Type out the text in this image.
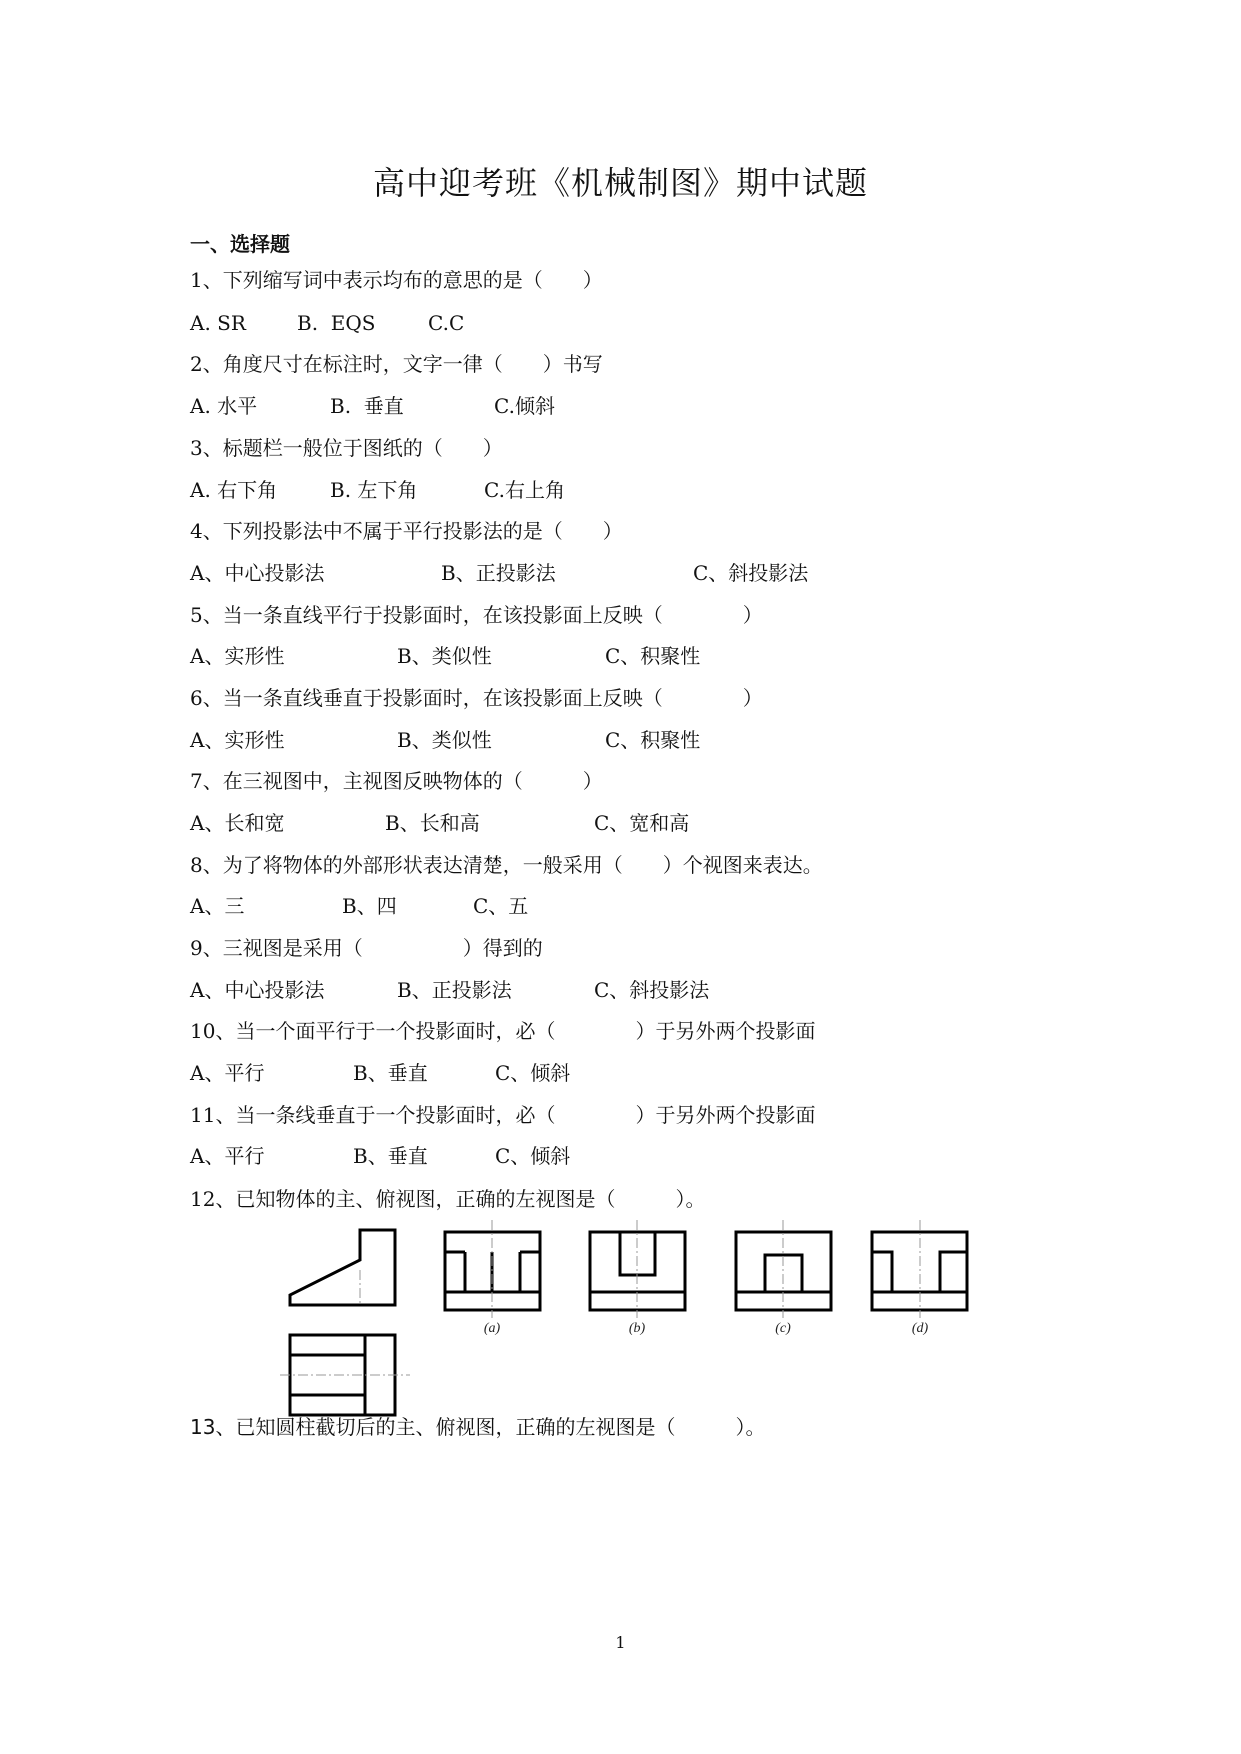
高中迎考班《机械制图》期中试题
一、选择题
1、下列缩写词中表示均布的意思的是（　　）
A. SR	B.  EQS	C.C
2、角度尺寸在标注时，文字一律（　　）书写
A. 水平	B.  垂直	C.倾斜
3、标题栏一般位于图纸的（　　）
A. 右下角	B. 左下角	C.右上角
4、下列投影法中不属于平行投影法的是（　　）
A、中心投影法	B、正投影法	C、斜投影法
5、当一条直线平行于投影面时，在该投影面上反映（　　　　）
A、实形性	B、类似性	C、积聚性
6、当一条直线垂直于投影面时，在该投影面上反映（　　　　）
A、实形性	B、类似性	C、积聚性
7、在三视图中，主视图反映物体的（　　　）
A、长和宽	B、长和高	C、宽和高
8、为了将物体的外部形状表达清楚，一般采用（　　）个视图来表达。
A、三	B、四	C、五
9、三视图是采用（　　　　　）得到的
A、中心投影法	B、正投影法	C、斜投影法
10、当一个面平行于一个投影面时，必（　　　　）于另外两个投影面
A、平行	B、垂直	C、倾斜
11、当一条线垂直于一个投影面时，必（　　　　）于另外两个投影面
A、平行	B、垂直	C、倾斜
12、已知物体的主、俯视图，正确的左视图是（　　　）。
(a)	(b)	(c)	(d)
13、已知圆柱截切后的主、俯视图，正确的左视图是（　　　）。
1
